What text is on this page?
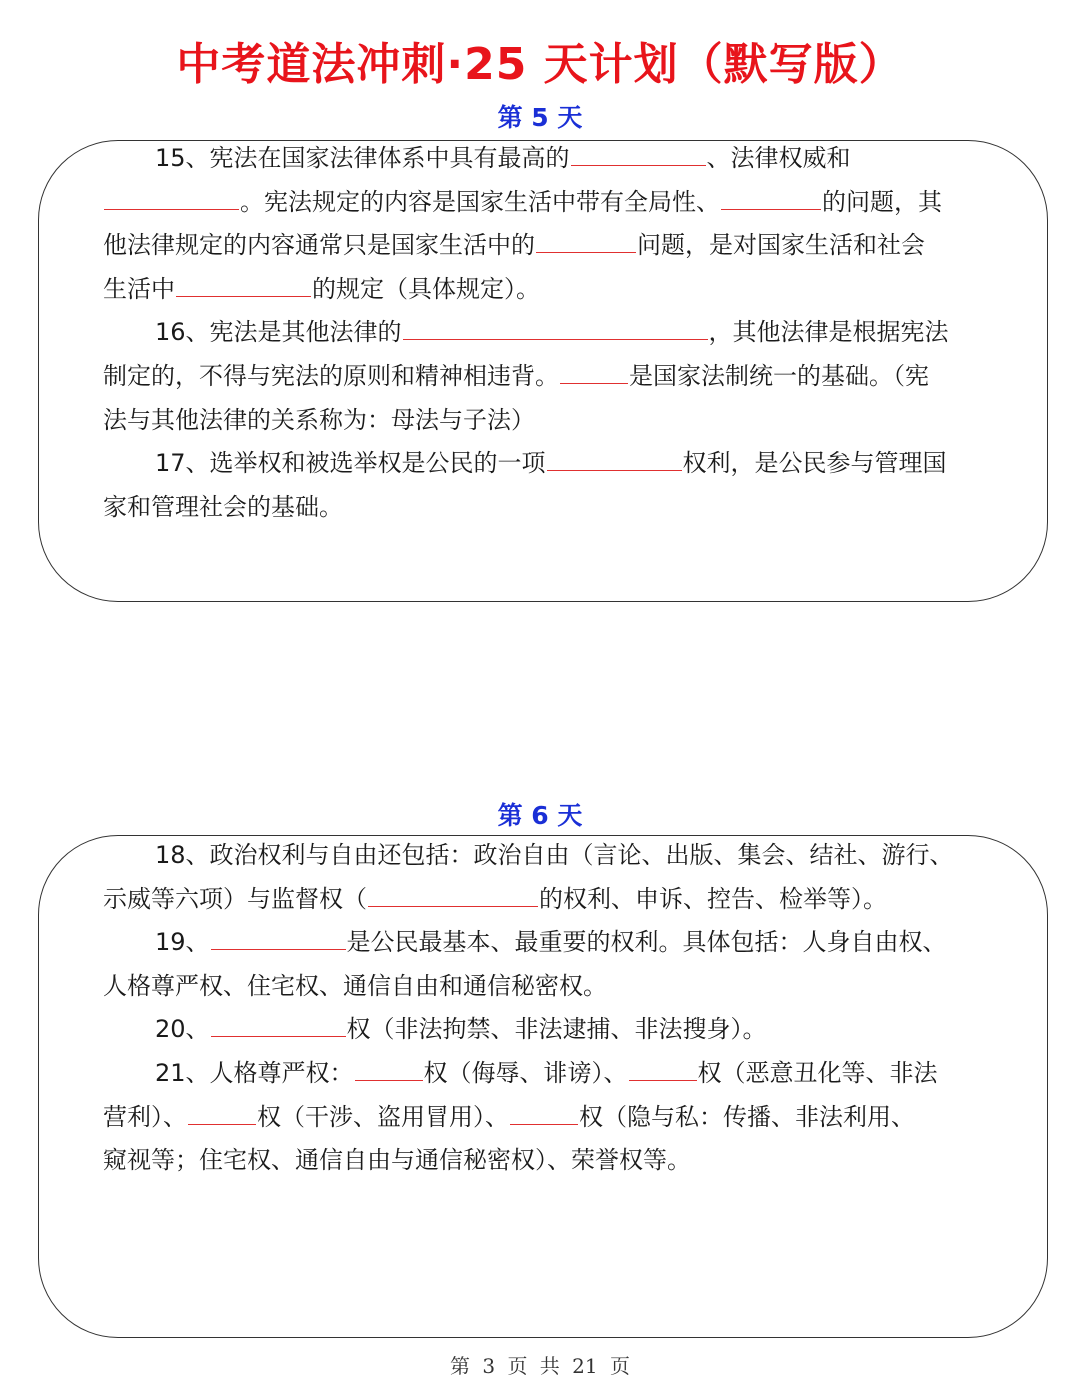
中考道法冲刺·25 天计划（默写版）
第 5 天
15、宪法在国家法律体系中具有最高的	、法律权威和
。宪法规定的内容是国家生活中带有全局性、	的问题，其
他法律规定的内容通常只是国家生活中的	问题，是对国家生活和社会
生活中	的规定（具体规定）。
16、宪法是其他法律的	，其他法律是根据宪法
制定的，不得与宪法的原则和精神相违背。	是国家法制统一的基础。（宪
法与其他法律的关系称为：母法与子法）
17、选举权和被选举权是公民的一项	权利，是公民参与管理国
家和管理社会的基础。
第 6 天
18、政治权利与自由还包括：政治自由（言论、出版、集会、结社、游行、
示威等六项）与监督权（	的权利、申诉、控告、检举等）。
19、	是公民最基本、最重要的权利。具体包括：人身自由权、
人格尊严权、住宅权、通信自由和通信秘密权。
20、	权（非法拘禁、非法逮捕、非法搜身）。
21、人格尊严权：	权（侮辱、诽谤）、	权（恶意丑化等、非法
营利）、	权（干涉、盗用冒用）、	权（隐与私：传播、非法利用、
窥视等；住宅权、通信自由与通信秘密权）、荣誉权等。
第 3 页 共 21 页
